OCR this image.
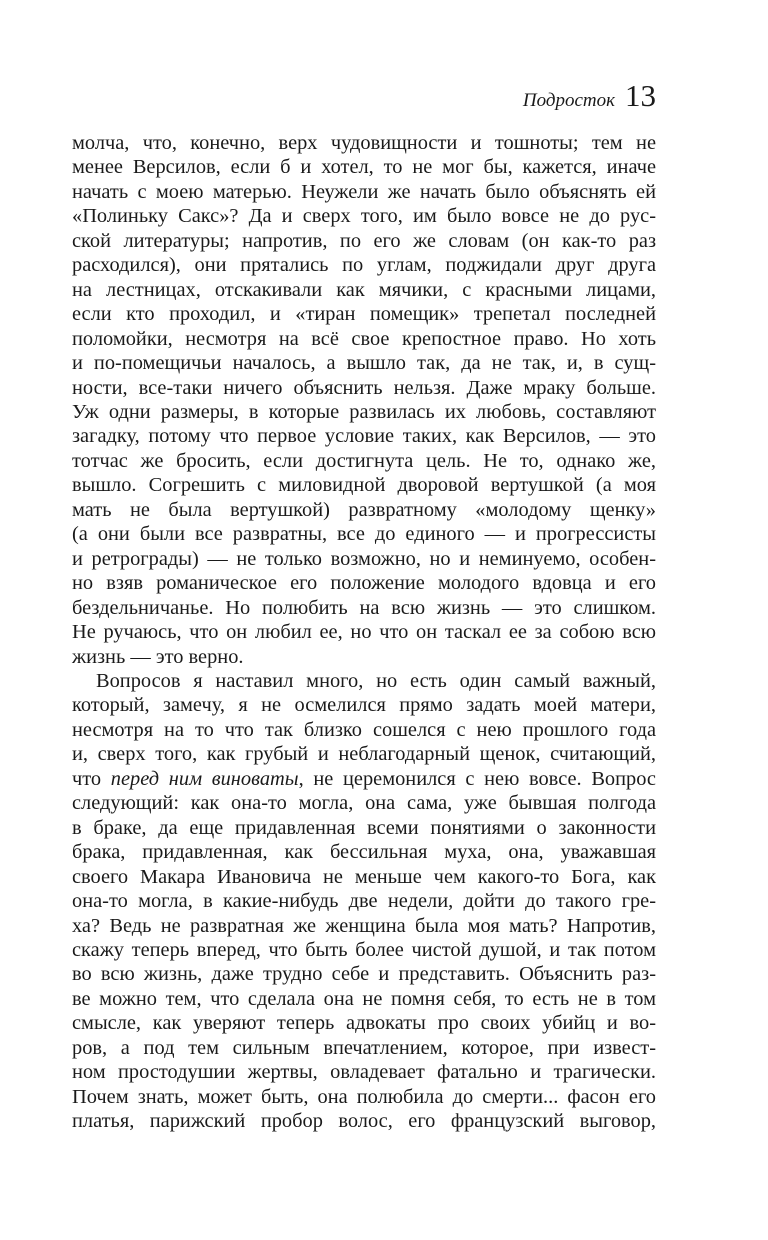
Подросток 13
молча, что, конечно, верх чудовищности и тошноты; тем не
менее Версилов, если б и хотел, то не мог бы, кажется, иначе
начать с моею матерью. Неужели же начать было объяснять ей
«Полиньку Сакс»? Да и сверх того, им было вовсе не до рус-
ской литературы; напротив, по его же словам (он как-то раз
расходился), они прятались по углам, поджидали друг друга
на лестницах, отскакивали как мячики, с красными лицами,
если кто проходил, и «тиран помещик» трепетал последней
поломойки, несмотря на всё свое крепостное право. Но хоть
и по-помещичьи началось, а вышло так, да не так, и, в сущ-
ности, все-таки ничего объяснить нельзя. Даже мраку больше.
Уж одни размеры, в которые развилась их любовь, составляют
загадку, потому что первое условие таких, как Версилов, — это
тотчас же бросить, если достигнута цель. Не то, однако же,
вышло. Согрешить с миловидной дворовой вертушкой (а моя
мать не была вертушкой) развратному «молодому щенку»
(а они были все развратны, все до единого — и прогрессисты
и ретрограды) — не только возможно, но и неминуемо, особен-
но взяв романическое его положение молодого вдовца и его
бездельничанье. Но полюбить на всю жизнь — это слишком.
Не ручаюсь, что он любил ее, но что он таскал ее за собою всю
жизнь — это верно.
Вопросов я наставил много, но есть один самый важный,
который, замечу, я не осмелился прямо задать моей матери,
несмотря на то что так близко сошелся с нею прошлого года
и, сверх того, как грубый и неблагодарный щенок, считающий,
что перед ним виноваты, не церемонился с нею вовсе. Вопрос
следующий: как она-то могла, она сама, уже бывшая полгода
в браке, да еще придавленная всеми понятиями о законности
брака, придавленная, как бессильная муха, она, уважавшая
своего Макара Ивановича не меньше чем какого-то Бога, как
она-то могла, в какие-нибудь две недели, дойти до такого гре-
ха? Ведь не развратная же женщина была моя мать? Напротив,
скажу теперь вперед, что быть более чистой душой, и так потом
во всю жизнь, даже трудно себе и представить. Объяснить раз-
ве можно тем, что сделала она не помня себя, то есть не в том
смысле, как уверяют теперь адвокаты про своих убийц и во-
ров, а под тем сильным впечатлением, которое, при извест-
ном простодушии жертвы, овладевает фатально и трагически.
Почем знать, может быть, она полюбила до смерти... фасон его
платья, парижский пробор волос, его французский выговор,
